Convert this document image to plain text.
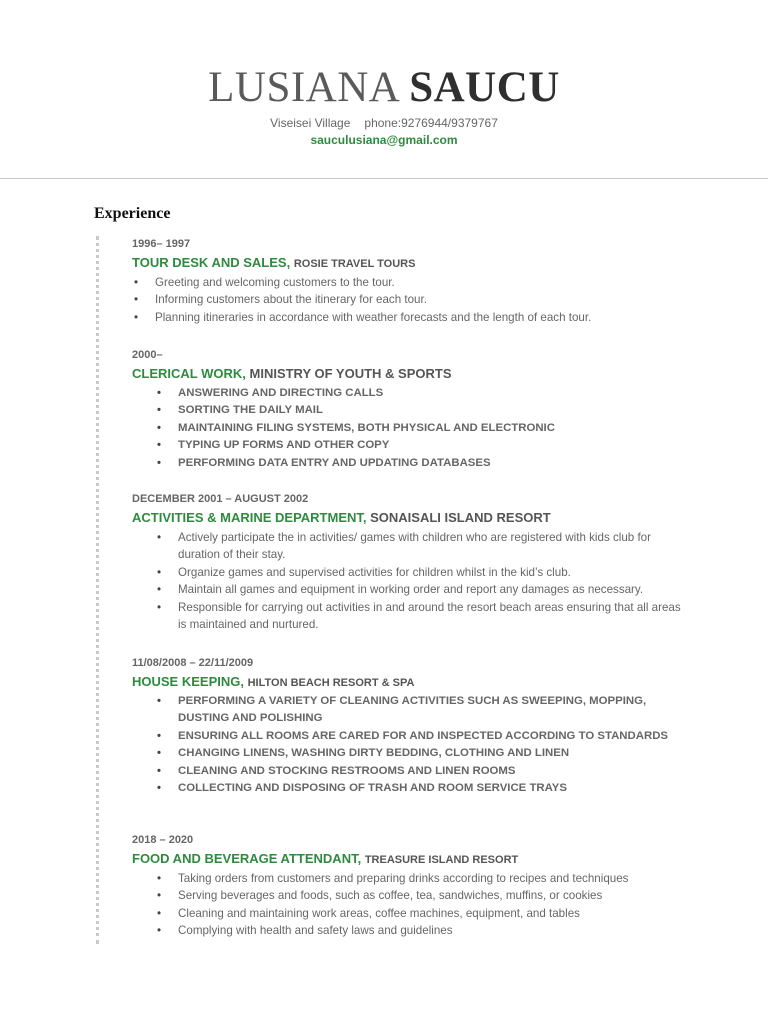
LUSIANA SAUCU
Viseisei Village phone:9276944/9379767
sauculusiana@gmail.com
Experience
1996– 1997
TOUR DESK AND SALES, ROSIE TRAVEL TOURS
• Greeting and welcoming customers to the tour.
• Informing customers about the itinerary for each tour.
• Planning itineraries in accordance with weather forecasts and the length of each tour.
2000–
CLERICAL WORK, MINISTRY OF YOUTH & SPORTS
• ANSWERING AND DIRECTING CALLS
• SORTING THE DAILY MAIL
• MAINTAINING FILING SYSTEMS, BOTH PHYSICAL AND ELECTRONIC
• TYPING UP FORMS AND OTHER COPY
• PERFORMING DATA ENTRY AND UPDATING DATABASES
DECEMBER 2001 – AUGUST 2002
ACTIVITIES & MARINE DEPARTMENT, SONAISALI ISLAND RESORT
• Actively participate the in activities/ games with children who are registered with kids club for duration of their stay.
• Organize games and supervised activities for children whilst in the kid’s club.
• Maintain all games and equipment in working order and report any damages as necessary.
• Responsible for carrying out activities in and around the resort beach areas ensuring that all areas is maintained and nurtured.
11/08/2008 – 22/11/2009
HOUSE KEEPING, HILTON BEACH RESORT & SPA
• PERFORMING A VARIETY OF CLEANING ACTIVITIES SUCH AS SWEEPING, MOPPING, DUSTING AND POLISHING
• ENSURING ALL ROOMS ARE CARED FOR AND INSPECTED ACCORDING TO STANDARDS
• CHANGING LINENS, WASHING DIRTY BEDDING, CLOTHING AND LINEN
• CLEANING AND STOCKING RESTROOMS AND LINEN ROOMS
• COLLECTING AND DISPOSING OF TRASH AND ROOM SERVICE TRAYS
2018 – 2020
FOOD AND BEVERAGE ATTENDANT, TREASURE ISLAND RESORT
• Taking orders from customers and preparing drinks according to recipes and techniques
• Serving beverages and foods, such as coffee, tea, sandwiches, muffins, or cookies
• Cleaning and maintaining work areas, coffee machines, equipment, and tables
• Complying with health and safety laws and guidelines
